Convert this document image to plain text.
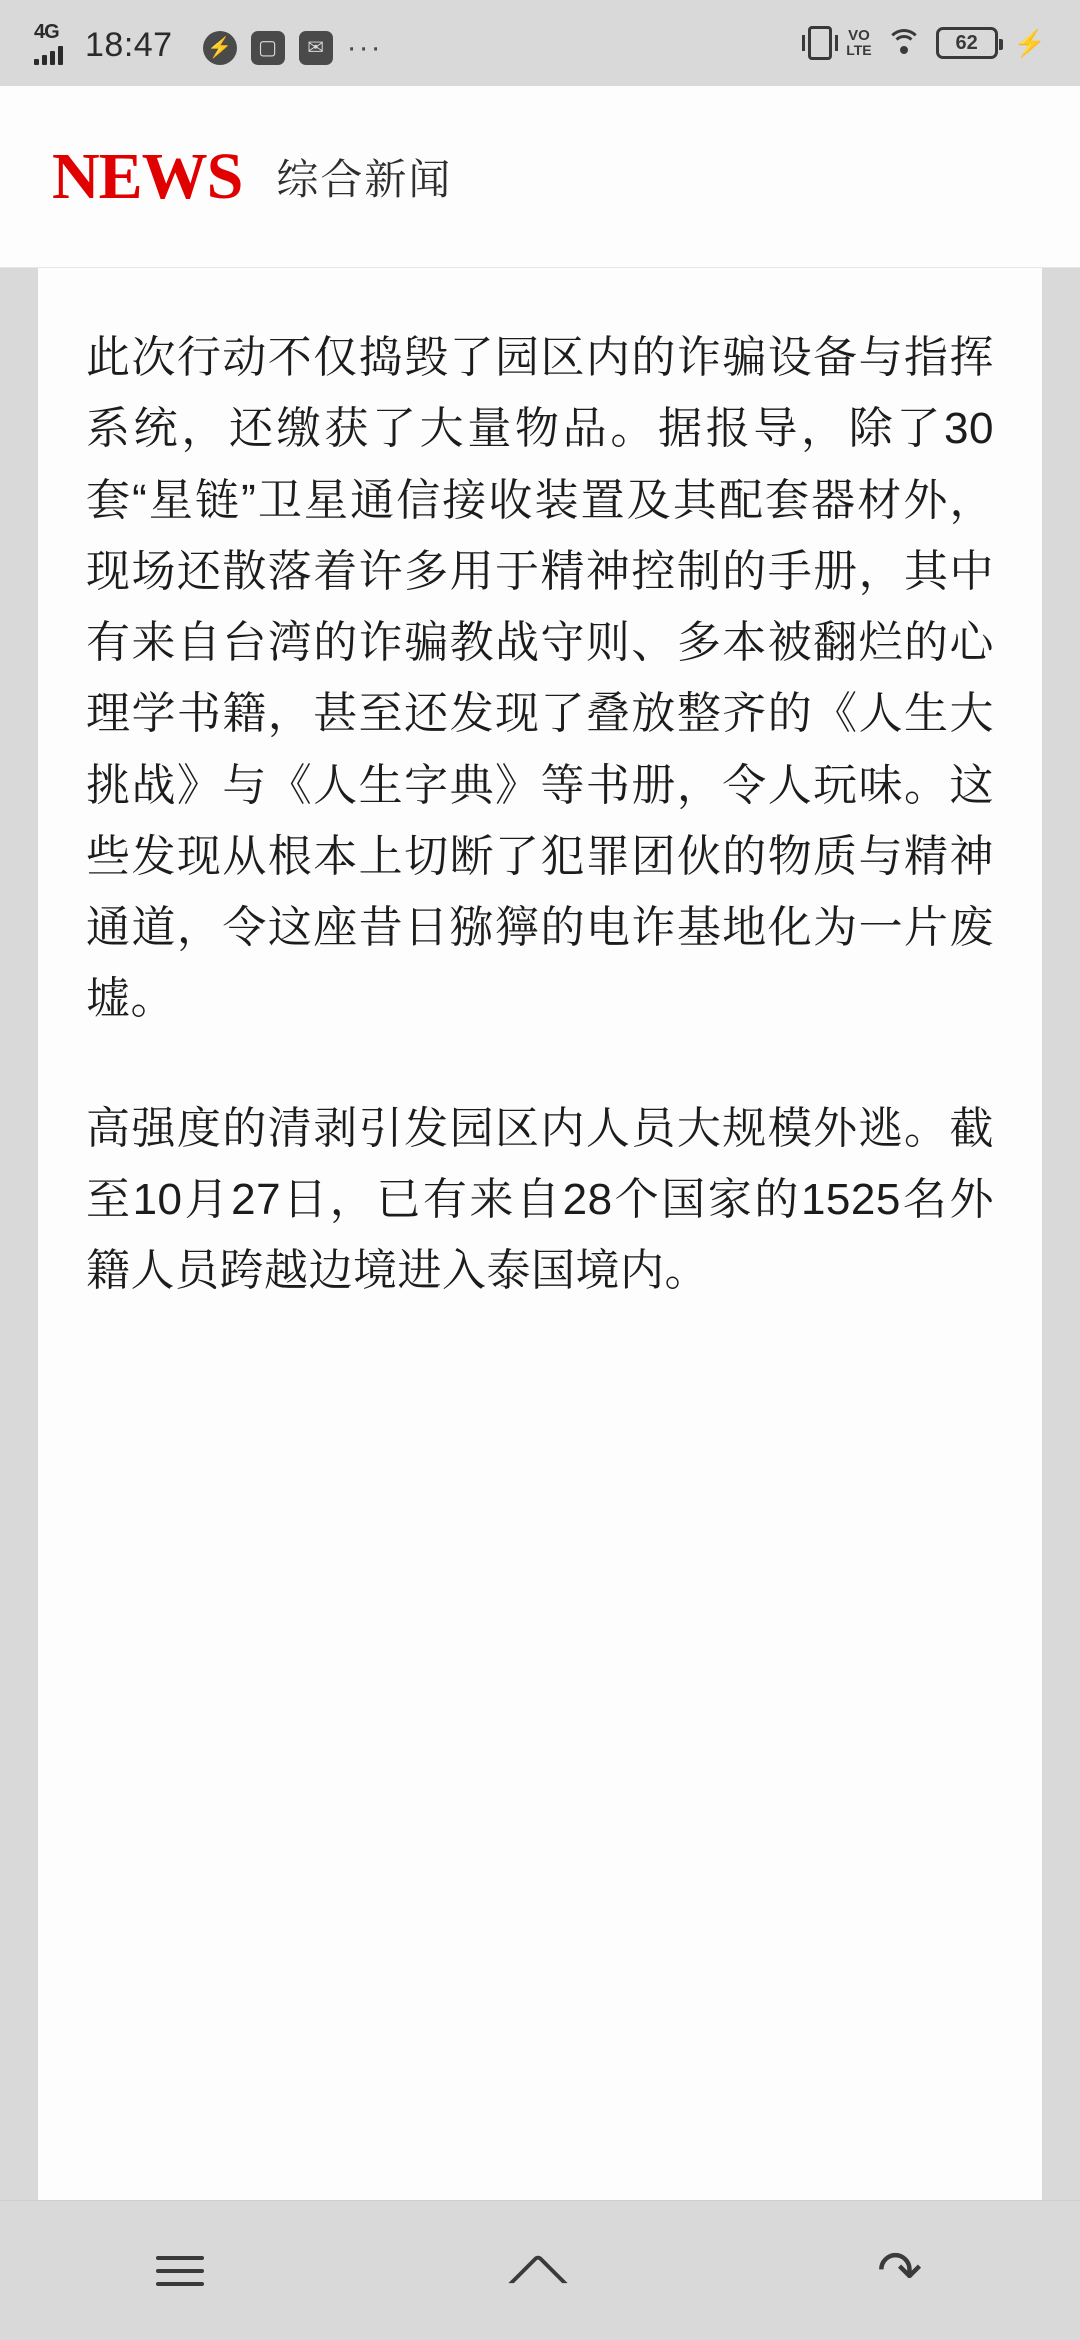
4G 18:47 ⚡	▢	✉ ···	VO
LTE	62 ⚡
NEWS 综合新闻

此次行动不仅捣毁了园区内的诈骗设备与指挥系统，还缴获了大量物品。据报导，除了30套“星链”卫星通信接收装置及其配套器材外，现场还散落着许多用于精神控制的手册，其中有来自台湾的诈骗教战守则、多本被翻烂的心理学书籍，甚至还发现了叠放整齐的《人生大挑战》与《人生字典》等书册，令人玩味。这些发现从根本上切断了犯罪团伙的物质与精神通道，令这座昔日猕獰的电诈基地化为一片废墟。

高强度的清剥引发园区内人员大规模外逃。截至10月27日，已有来自28个国家的1525名外籍人员跨越边境进入泰国境内。

↶
